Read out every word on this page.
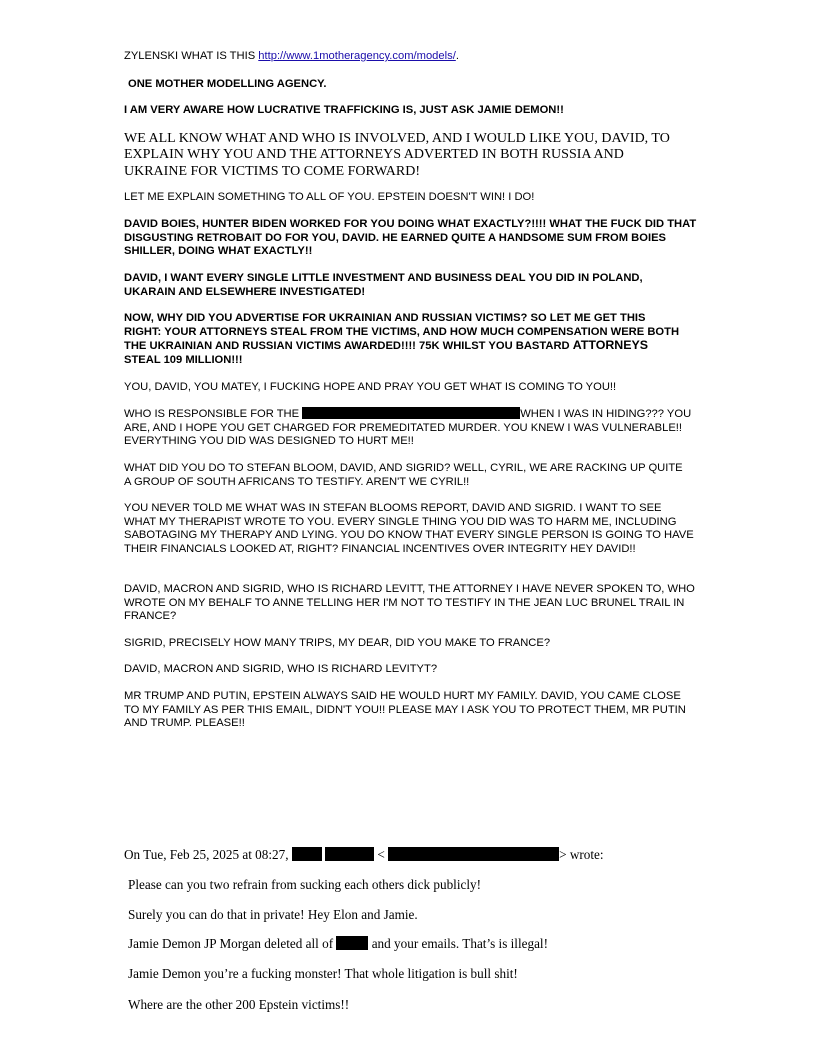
ZYLENSKI WHAT IS THIS http://www.1motheragency.com/models/.

ONE MOTHER MODELLING AGENCY.

I AM VERY AWARE HOW LUCRATIVE TRAFFICKING IS, JUST ASK JAMIE DEMON!!

WE ALL KNOW WHAT AND WHO IS INVOLVED, AND I WOULD LIKE YOU, DAVID, TO EXPLAIN WHY YOU AND THE ATTORNEYS ADVERTED IN BOTH RUSSIA AND UKRAINE FOR VICTIMS TO COME FORWARD!

LET ME EXPLAIN SOMETHING TO ALL OF YOU. EPSTEIN DOESN'T WIN! I DO!

DAVID BOIES, HUNTER BIDEN WORKED FOR YOU DOING WHAT EXACTLY?!!!! WHAT THE FUCK DID THAT DISGUSTING RETROBAIT DO FOR YOU, DAVID. HE EARNED QUITE A HANDSOME SUM FROM BOIES SHILLER, DOING WHAT EXACTLY!!

DAVID, I WANT EVERY SINGLE LITTLE INVESTMENT AND BUSINESS DEAL YOU DID IN POLAND, UKARAIN AND ELSEWHERE INVESTIGATED!

NOW, WHY DID YOU ADVERTISE FOR UKRAINIAN AND RUSSIAN VICTIMS? SO LET ME GET THIS RIGHT: YOUR ATTORNEYS STEAL FROM THE VICTIMS, AND HOW MUCH COMPENSATION WERE BOTH THE UKRAINIAN AND RUSSIAN VICTIMS AWARDED!!!! 75K WHILST YOU BASTARD ATTORNEYS STEAL 109 MILLION!!!

YOU, DAVID, YOU MATEY, I FUCKING HOPE AND PRAY YOU GET WHAT IS COMING TO YOU!!

WHO IS RESPONSIBLE FOR THE	WHEN I WAS IN HIDING??? YOU ARE, AND I HOPE YOU GET CHARGED FOR PREMEDITATED MURDER. YOU KNEW I WAS VULNERABLE!! EVERYTHING YOU DID WAS DESIGNED TO HURT ME!!

WHAT DID YOU DO TO STEFAN BLOOM, DAVID, AND SIGRID? WELL, CYRIL, WE ARE RACKING UP QUITE A GROUP OF SOUTH AFRICANS TO TESTIFY. AREN'T WE CYRIL!!

YOU NEVER TOLD ME WHAT WAS IN STEFAN BLOOMS REPORT, DAVID AND SIGRID. I WANT TO SEE WHAT MY THERAPIST WROTE TO YOU. EVERY SINGLE THING YOU DID WAS TO HARM ME, INCLUDING SABOTAGING MY THERAPY AND LYING. YOU DO KNOW THAT EVERY SINGLE PERSON IS GOING TO HAVE THEIR FINANCIALS LOOKED AT, RIGHT? FINANCIAL INCENTIVES OVER INTEGRITY HEY DAVID!!

DAVID, MACRON AND SIGRID, WHO IS RICHARD LEVITT, THE ATTORNEY I HAVE NEVER SPOKEN TO, WHO WROTE ON MY BEHALF TO ANNE TELLING HER I'M NOT TO TESTIFY IN THE JEAN LUC BRUNEL TRAIL IN FRANCE?

SIGRID, PRECISELY HOW MANY TRIPS, MY DEAR, DID YOU MAKE TO FRANCE?

DAVID, MACRON AND SIGRID, WHO IS RICHARD LEVITYT?

MR TRUMP AND PUTIN, EPSTEIN ALWAYS SAID HE WOULD HURT MY FAMILY. DAVID, YOU CAME CLOSE TO MY FAMILY AS PER THIS EMAIL, DIDN'T YOU!! PLEASE MAY I ASK YOU TO PROTECT THEM, MR PUTIN AND TRUMP. PLEASE!!

On Tue, Feb 25, 2025 at 08:27,	<	> wrote:

Please can you two refrain from sucking each others dick publicly!

Surely you can do that in private! Hey Elon and Jamie.

Jamie Demon JP Morgan deleted all of  and your emails. That’s is illegal!

Jamie Demon you’re a fucking monster! That whole litigation is bull shit!

Where are the other 200 Epstein victims!!
